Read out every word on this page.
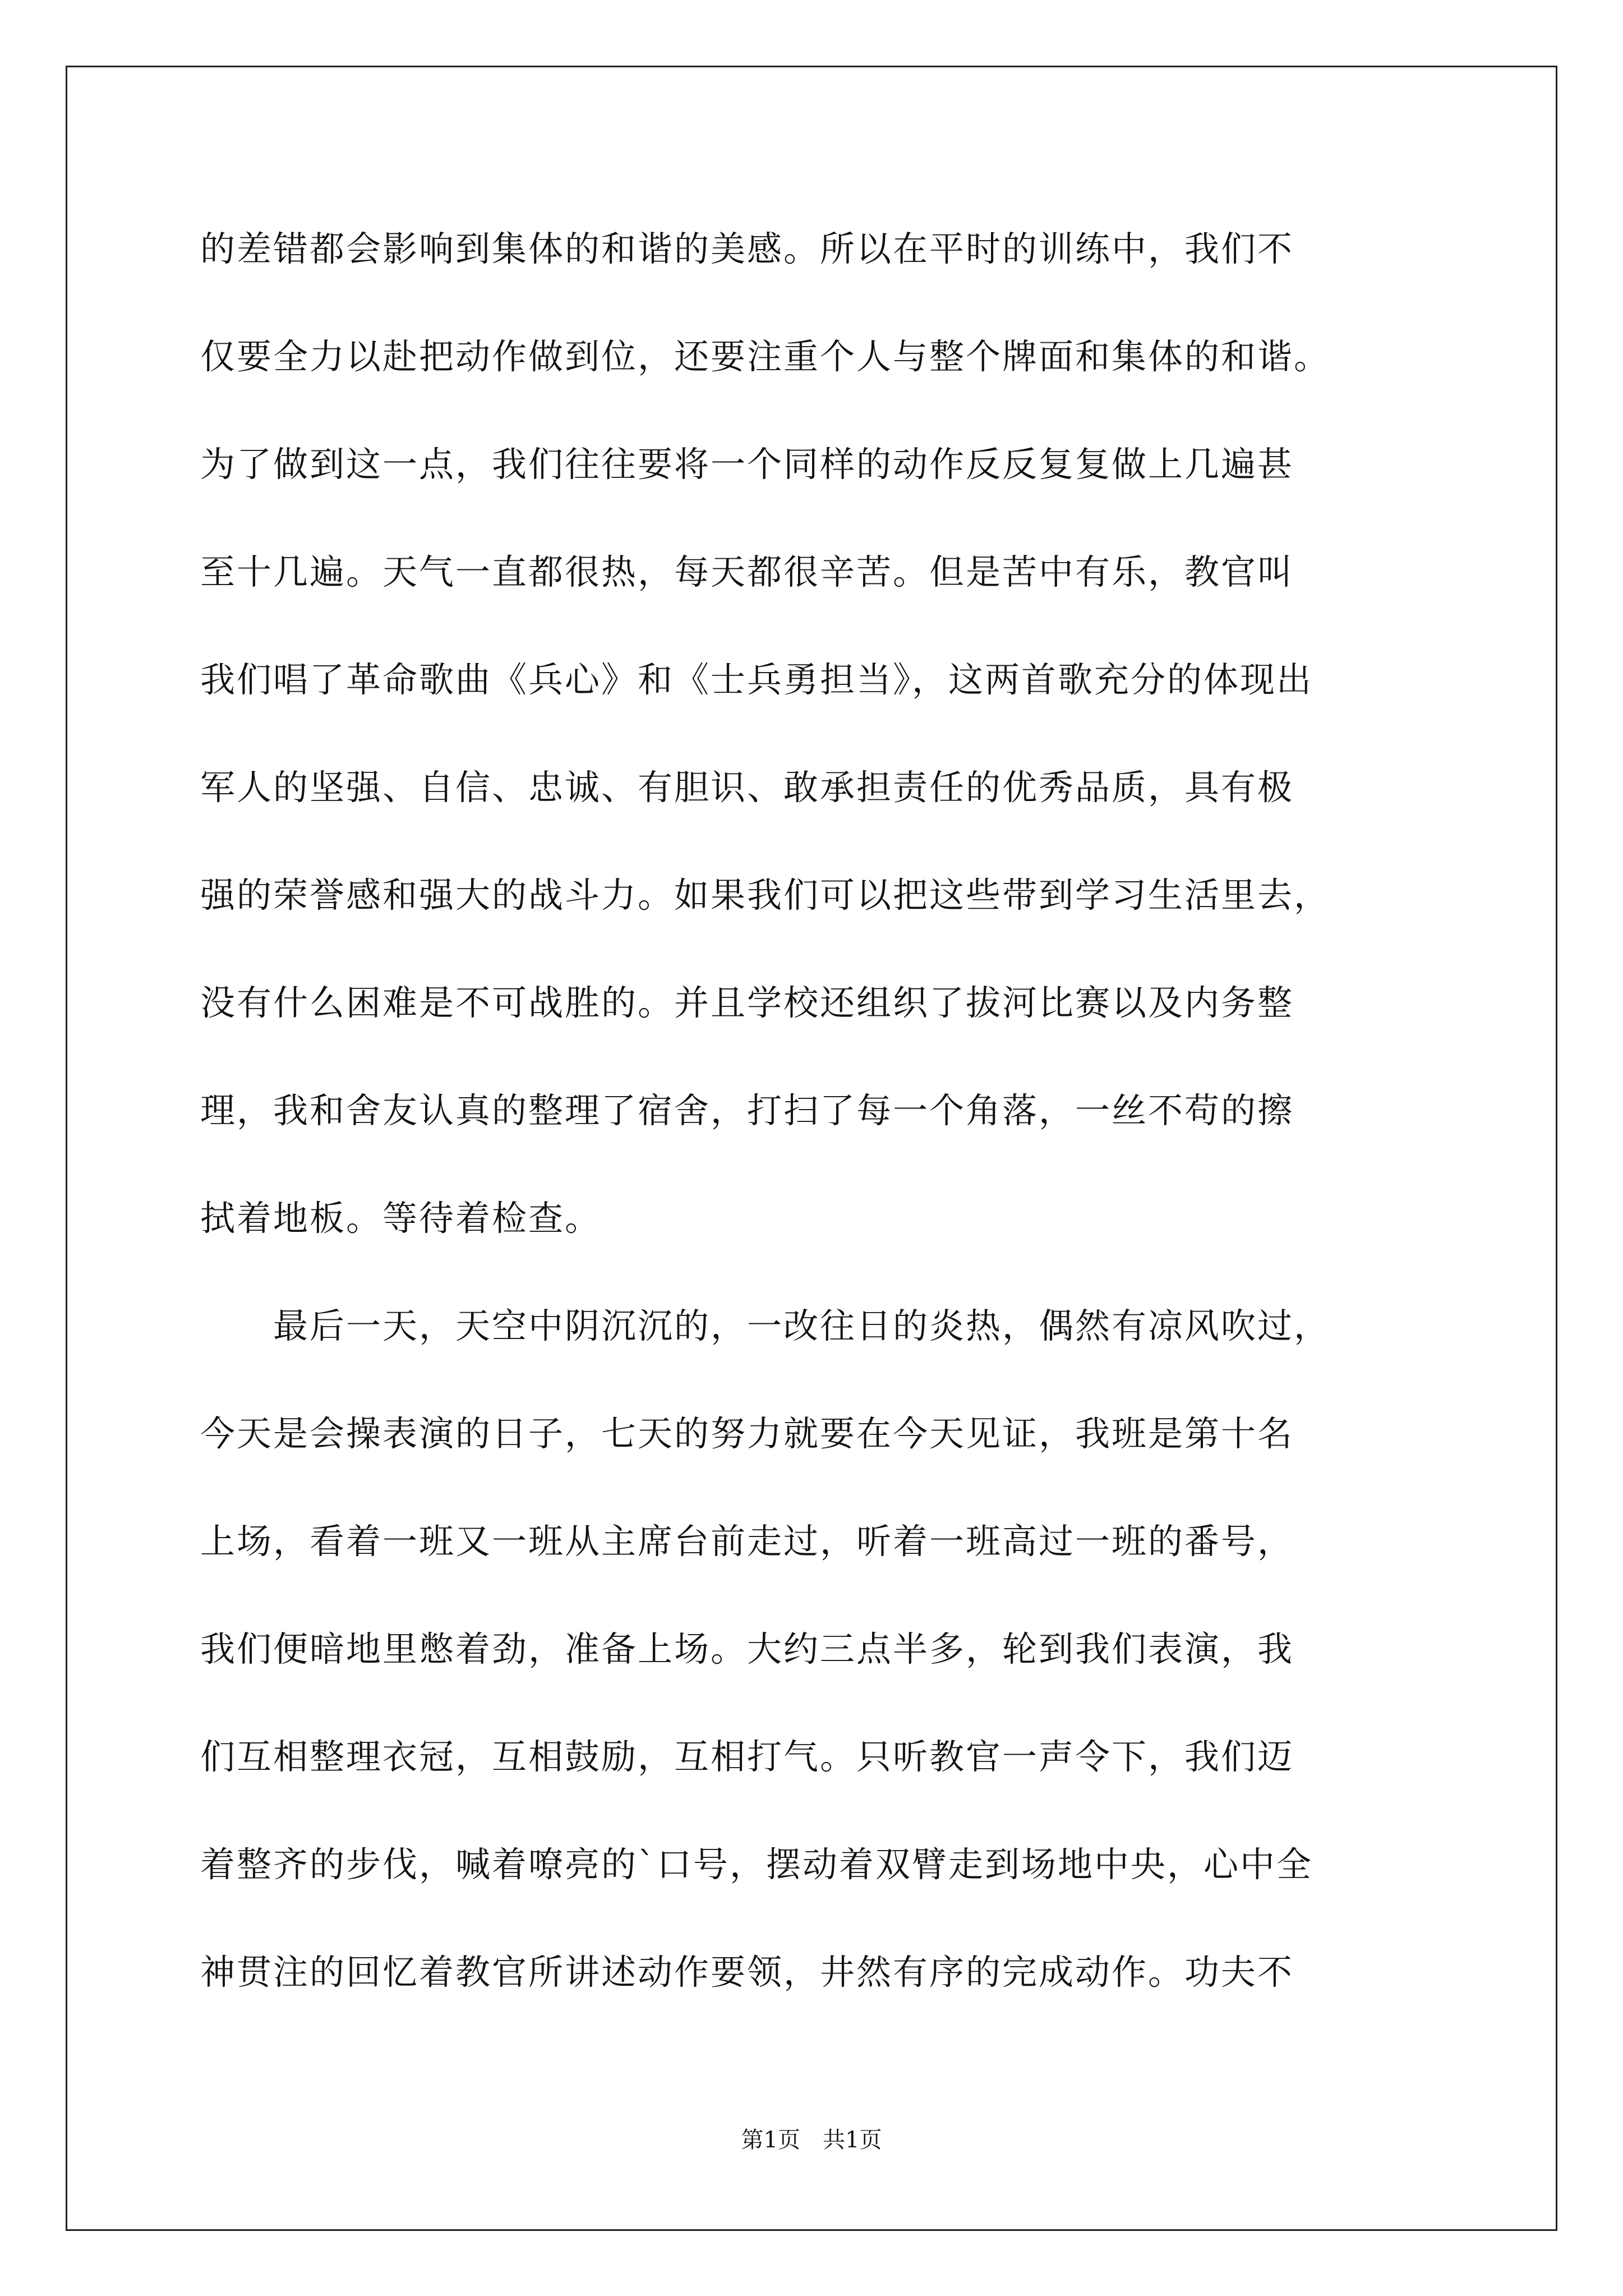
的差错都会影响到集体的和谐的美感。所以在平时的训练中，我们不
仅要全力以赴把动作做到位，还要注重个人与整个牌面和集体的和谐。
为了做到这一点，我们往往要将一个同样的动作反反复复做上几遍甚
至十几遍。天气一直都很热，每天都很辛苦。但是苦中有乐，教官叫
我们唱了革命歌曲《兵心》和《士兵勇担当》，这两首歌充分的体现出
军人的坚强、自信、忠诚、有胆识、敢承担责任的优秀品质，具有极
强的荣誉感和强大的战斗力。如果我们可以把这些带到学习生活里去，
没有什么困难是不可战胜的。并且学校还组织了拔河比赛以及内务整
理，我和舍友认真的整理了宿舍，打扫了每一个角落，一丝不苟的擦
拭着地板。等待着检查。
　　最后一天，天空中阴沉沉的，一改往日的炎热，偶然有凉风吹过，
今天是会操表演的日子，七天的努力就要在今天见证，我班是第十名
上场，看着一班又一班从主席台前走过，听着一班高过一班的番号，
我们便暗地里憋着劲，准备上场。大约三点半多，轮到我们表演，我
们互相整理衣冠，互相鼓励，互相打气。只听教官一声令下，我们迈
着整齐的步伐，喊着嘹亮的`口号，摆动着双臂走到场地中央，心中全
神贯注的回忆着教官所讲述动作要领，井然有序的完成动作。功夫不
第1页　共1页
